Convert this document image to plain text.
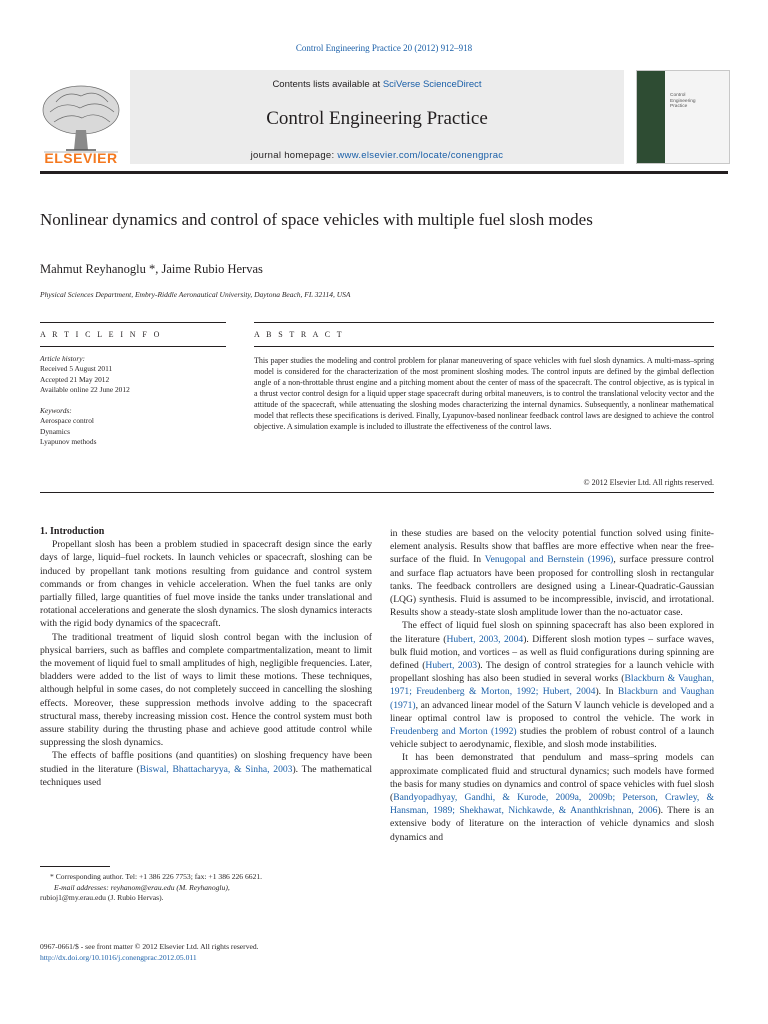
Control Engineering Practice 20 (2012) 912–918
Contents lists available at SciVerse ScienceDirect
Control Engineering Practice
journal homepage: www.elsevier.com/locate/conengprac
ELSEVIER
Control
Engineering
Practice
Nonlinear dynamics and control of space vehicles with multiple fuel slosh modes
Mahmut Reyhanoglu *, Jaime Rubio Hervas
Physical Sciences Department, Embry-Riddle Aeronautical University, Daytona Beach, FL 32114, USA
A R T I C L E I N F O
Article history:
Received 5 August 2011
Accepted 21 May 2012
Available online 22 June 2012
Keywords:
Aerospace control
Dynamics
Lyapunov methods
A B S T R A C T
This paper studies the modeling and control problem for planar maneuvering of space vehicles with fuel slosh dynamics. A multi-mass–spring model is considered for the characterization of the most prominent sloshing modes. The control inputs are defined by the gimbal deflection angle of a non-throttable thrust engine and a pitching moment about the center of mass of the spacecraft. The control objective, as is typical in a thrust vector control design for a liquid upper stage spacecraft during orbital maneuvers, is to control the translational velocity vector and the attitude of the spacecraft, while attenuating the sloshing modes characterizing the internal dynamics. Subsequently, a nonlinear mathematical model that reflects these specifications is derived. Finally, Lyapunov-based nonlinear feedback control laws are designed to achieve the control objective. A simulation example is included to illustrate the effectiveness of the control laws.
© 2012 Elsevier Ltd. All rights reserved.

1. Introduction

Propellant slosh has been a problem studied in spacecraft design since the early days of large, liquid–fuel rockets. In launch vehicles or spacecraft, sloshing can be induced by propellant tank motions resulting from guidance and control system commands or from changes in vehicle acceleration. When the fuel tanks are only partially filled, large quantities of fuel move inside the tanks under translational and rotational accelerations and generate the slosh dynamics. The slosh dynamics interacts with the rigid body dynamics of the spacecraft.

The traditional treatment of liquid slosh control began with the inclusion of physical barriers, such as baffles and complete compartmentalization, meant to limit the movement of liquid fuel to small amplitudes of high, negligible frequencies. Later, bladders were added to the list of ways to limit these motions. These techniques, although helpful in some cases, do not completely succeed in cancelling the sloshing effects. Moreover, these suppression methods involve adding to the spacecraft structural mass, thereby increasing mission cost. Hence the control system must both assure stability during the thrusting phase and achieve good attitude control while suppressing the slosh dynamics.

The effects of baffle positions (and quantities) on sloshing frequency have been studied in the literature (Biswal, Bhattacharyya, & Sinha, 2003). The mathematical techniques used

in these studies are based on the velocity potential function solved using finite-element analysis. Results show that baffles are more effective when near the free-surface of the fluid. In Venugopal and Bernstein (1996), surface pressure control and surface flap actuators have been proposed for controlling slosh in rectangular tanks. The feedback controllers are designed using a Linear-Quadratic-Gaussian (LQG) synthesis. Fluid is assumed to be incompressible, inviscid, and irrotational. Results show a steady-state slosh amplitude lower than the no-actuator case.

The effect of liquid fuel slosh on spinning spacecraft has also been explored in the literature (Hubert, 2003, 2004). Different slosh motion types – surface waves, bulk fluid motion, and vortices – as well as fluid configurations during spinning are defined (Hubert, 2003). The design of control strategies for a launch vehicle with propellant sloshing has also been studied in several works (Blackburn & Vaughan, 1971; Freudenberg & Morton, 1992; Hubert, 2004). In Blackburn and Vaughan (1971), an advanced linear model of the Saturn V launch vehicle is developed and a linear optimal control law is proposed to control the vehicle. The work in Freudenberg and Morton (1992) studies the problem of robust control of a launch vehicle subject to aerodynamic, flexible, and slosh mode instabilities.

It has been demonstrated that pendulum and mass–spring models can approximate complicated fluid and structural dynamics; such models have formed the basis for many studies on dynamics and control of space vehicles with fuel slosh (Bandyopadhyay, Gandhi, & Kurode, 2009a, 2009b; Peterson, Crawley, & Hansman, 1989; Shekhawat, Nichkawde, & Ananthkrishnan, 2006). There is an extensive body of literature on the interaction of vehicle dynamics and slosh dynamics and

* Corresponding author. Tel: +1 386 226 7753; fax: +1 386 226 6621.
E-mail addresses: reyhanom@erau.edu (M. Reyhanoglu),
rubioj1@my.erau.edu (J. Rubio Hervas).
0967-0661/$ - see front matter © 2012 Elsevier Ltd. All rights reserved.
http://dx.doi.org/10.1016/j.conengprac.2012.05.011
